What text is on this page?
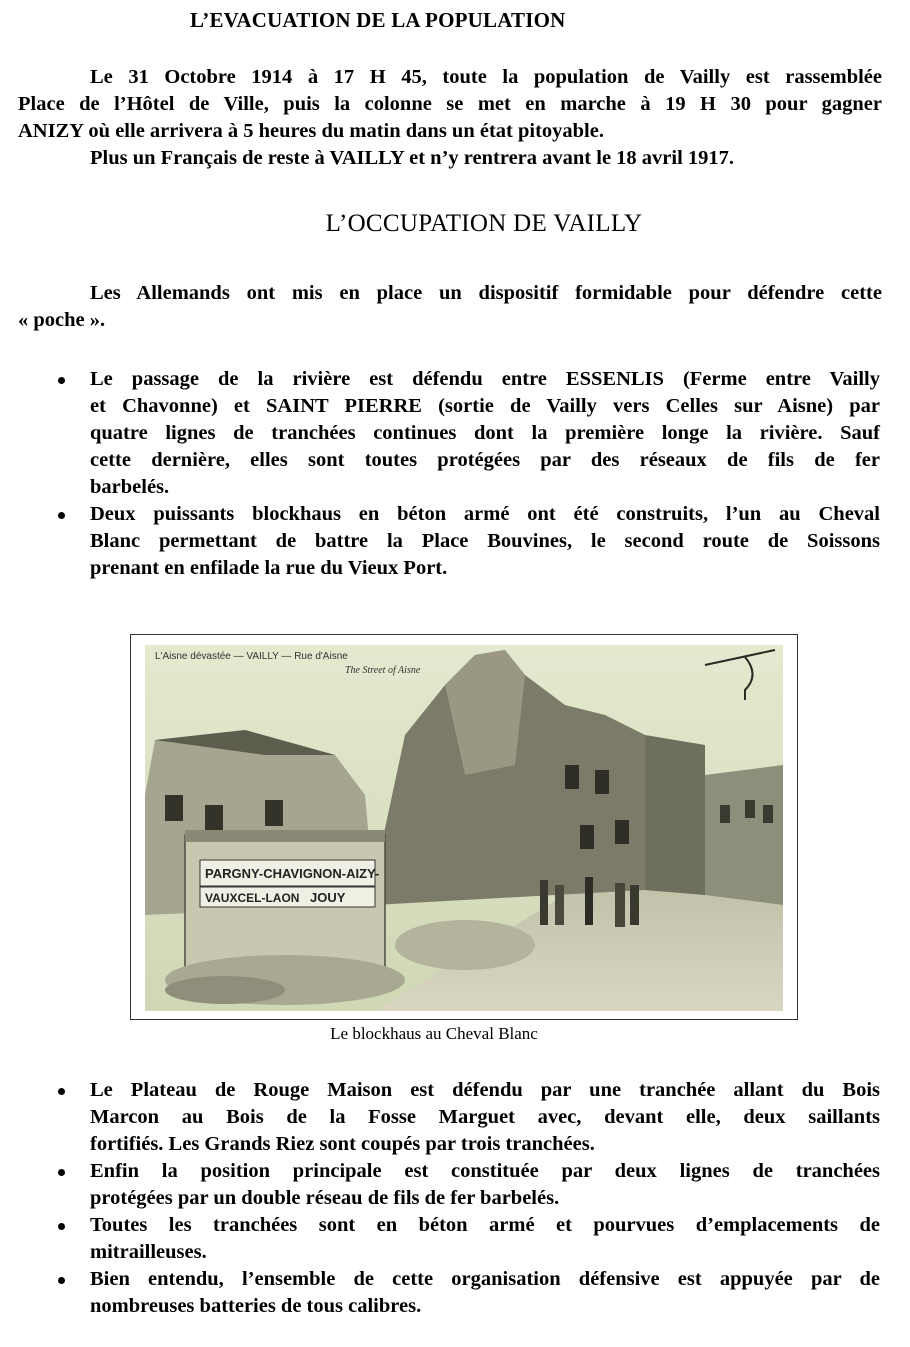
L’EVACUATION DE LA POPULATION

Le 31 Octobre 1914 à 17 H 45, toute la population de Vailly est rassemblée
Place de l’Hôtel de Ville, puis la colonne se met en marche à 19 H 30 pour gagner
ANIZY où elle arrivera à 5 heures du matin dans un état pitoyable.
Plus un Français de reste à VAILLY et n’y rentrera avant le 18 avril 1917.

L’OCCUPATION DE VAILLY

Les Allemands ont mis en place un dispositif formidable pour défendre cette
« poche ».

Le passage de la rivière est défendu entre ESSENLIS (Ferme entre Vailly
et Chavonne) et SAINT PIERRE (sortie de Vailly vers Celles sur Aisne) par
quatre lignes de tranchées continues dont la première longe la rivière. Sauf
cette dernière, elles sont toutes protégées par des réseaux de fils de fer
barbelés.
Deux puissants blockhaus en béton armé ont été construits, l’un au Cheval
Blanc permettant de battre la Place Bouvines, le second route de Soissons
prenant en enfilade la rue du Vieux Port.
PARGNY-CHAVIGNON-AIZY-
VAUXCEL-LAON JOUY
L'Aisne dévastée — VAILLY — Rue d'Aisne
The Street of Aisne
Le blockhaus au Cheval Blanc
Le Plateau de Rouge Maison est défendu par une tranchée allant du Bois
Marcon au Bois de la Fosse Marguet avec, devant elle, deux saillants
fortifiés. Les Grands Riez sont coupés par trois tranchées.
Enfin la position principale est constituée par deux lignes de tranchées
protégées par un double réseau de fils de fer barbelés.
Toutes les tranchées sont en béton armé et pourvues d’emplacements de
mitrailleuses.
Bien entendu, l’ensemble de cette organisation défensive est appuyée par de
nombreuses batteries de tous calibres.
